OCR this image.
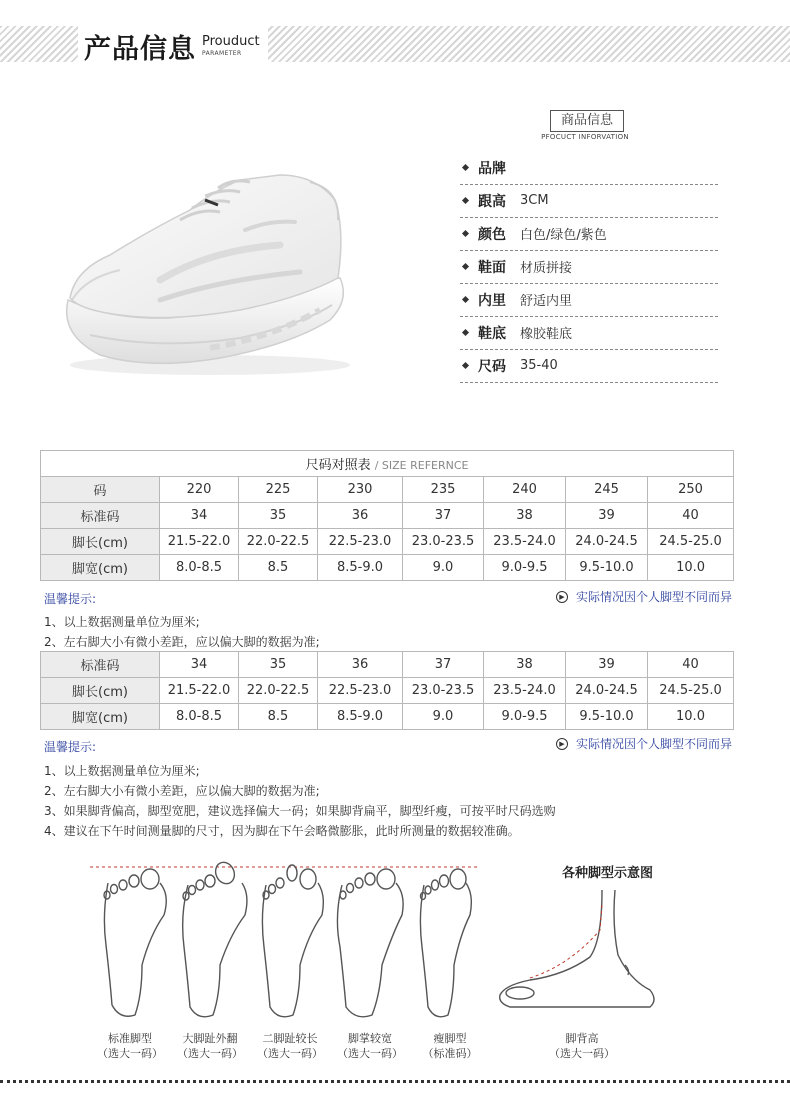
产品信息 Prouduct
PARAMETER
商品信息
PFOCUCT INFORVATION
品牌
跟高	3CM
颜色	白色/绿色/紫色
鞋面	材质拼接
内里	舒适内里
鞋底	橡胶鞋底
尺码	35-40
尺码对照表 / SIZE REFERNCE							
码	220	225	230	235	240	245	250
标准码	34	35	36	37	38	39	40
脚长(cm)	21.5-22.0	22.0-22.5	22.5-23.0	23.0-23.5	23.5-24.0	24.0-24.5	24.5-25.0
脚宽(cm)	8.0-8.5	8.5	8.5-9.0	9.0	9.0-9.5	9.5-10.0	10.0
温馨提示:	▶ 实际情况因个人脚型不同而异
1、以上数据测量单位为厘米;
2、左右脚大小有微小差距，应以偏大脚的数据为准;
标准码	34	35	36	37	38	39	40
脚长(cm)	21.5-22.0	22.0-22.5	22.5-23.0	23.0-23.5	23.5-24.0	24.0-24.5	24.5-25.0
脚宽(cm)	8.0-8.5	8.5	8.5-9.0	9.0	9.0-9.5	9.5-10.0	10.0
温馨提示:	▶ 实际情况因个人脚型不同而异
1、以上数据测量单位为厘米;
2、左右脚大小有微小差距，应以偏大脚的数据为准;
3、如果脚背偏高，脚型宽肥，建议选择偏大一码；如果脚背扁平，脚型纤瘦，可按平时尺码选购
4、建议在下午时间测量脚的尺寸，因为脚在下午会略微膨胀，此时所测量的数据较准确。
标准脚型
（选大一码）
大脚趾外翻
（选大一码）
二脚趾较长
（选大一码）
脚掌较宽
（选大一码）
瘦脚型
（标准码）
各种脚型示意图
脚背高
（选大一码）
